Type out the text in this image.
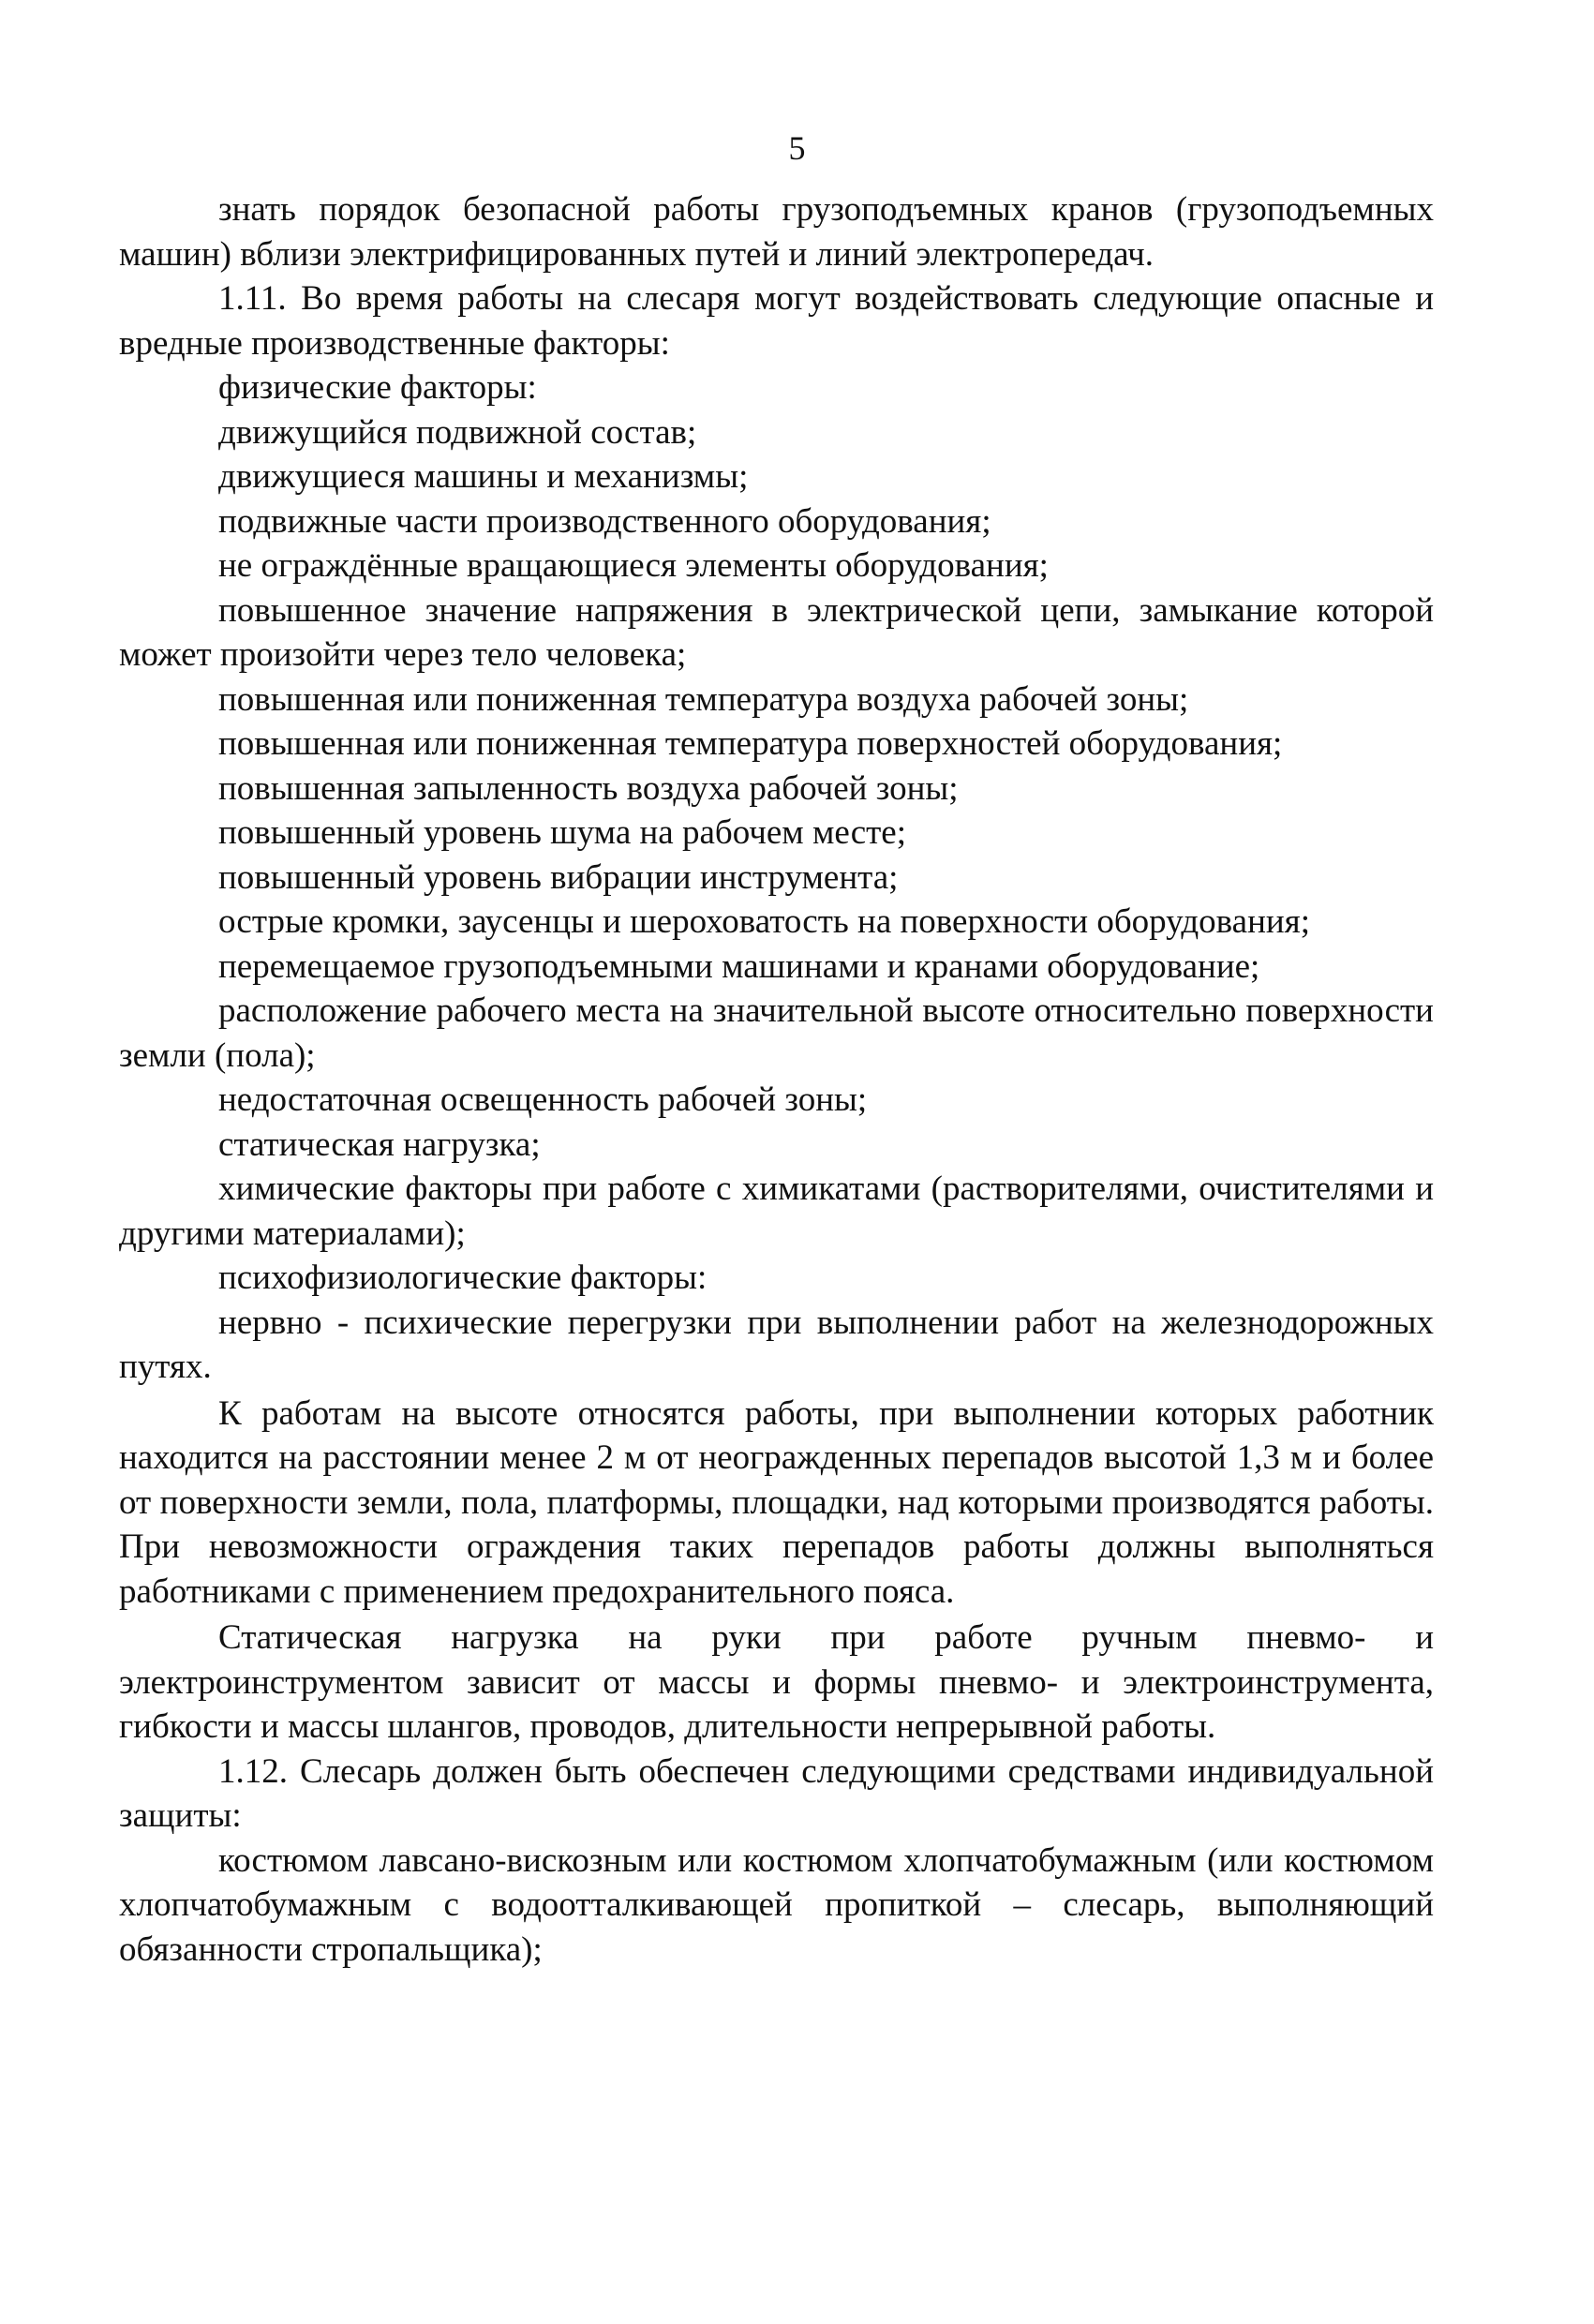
5

знать порядок безопасной работы грузоподъемных кранов (грузоподъемных машин) вблизи электрифицированных путей и линий электропередач.

1.11. Во время работы на слесаря могут воздействовать следующие опасные и вредные производственные факторы:

физические факторы:

движущийся подвижной состав;

движущиеся машины и механизмы;

подвижные части производственного оборудования;

не ограждённые вращающиеся элементы оборудования;

повышенное значение напряжения в электрической цепи, замыкание которой может произойти через тело человека;

повышенная или пониженная температура воздуха рабочей зоны;

повышенная или пониженная температура поверхностей оборудования;

повышенная запыленность воздуха рабочей зоны;

повышенный уровень шума на рабочем месте;

повышенный уровень вибрации инструмента;

острые кромки, заусенцы и шероховатость на поверхности оборудования;

перемещаемое грузоподъемными машинами и кранами оборудование;

расположение рабочего места на значительной высоте относительно поверхности земли (пола);

недостаточная освещенность рабочей зоны;

статическая нагрузка;

химические факторы при работе с химикатами (растворителями, очистителями и другими материалами);

психофизиологические факторы:

нервно - психические перегрузки при выполнении работ на железнодорожных путях.

К работам на высоте относятся работы, при выполнении которых работник находится на расстоянии менее 2 м от неогражденных перепадов высотой 1,3 м и более от поверхности земли, пола, платформы, площадки, над которыми производятся работы. При невозможности ограждения таких перепадов работы должны выполняться работниками с применением предохранительного пояса.

Статическая нагрузка на руки при работе ручным пневмо- и электроинструментом зависит от массы и формы пневмо- и электроинструмента, гибкости и массы шлангов, проводов, длительности непрерывной работы.

1.12. Слесарь должен быть обеспечен следующими средствами индивидуальной защиты:

костюмом лавсано-вискозным или костюмом хлопчатобумажным (или костюмом хлопчатобумажным с водоотталкивающей пропиткой – слесарь, выполняющий обязанности стропальщика);
